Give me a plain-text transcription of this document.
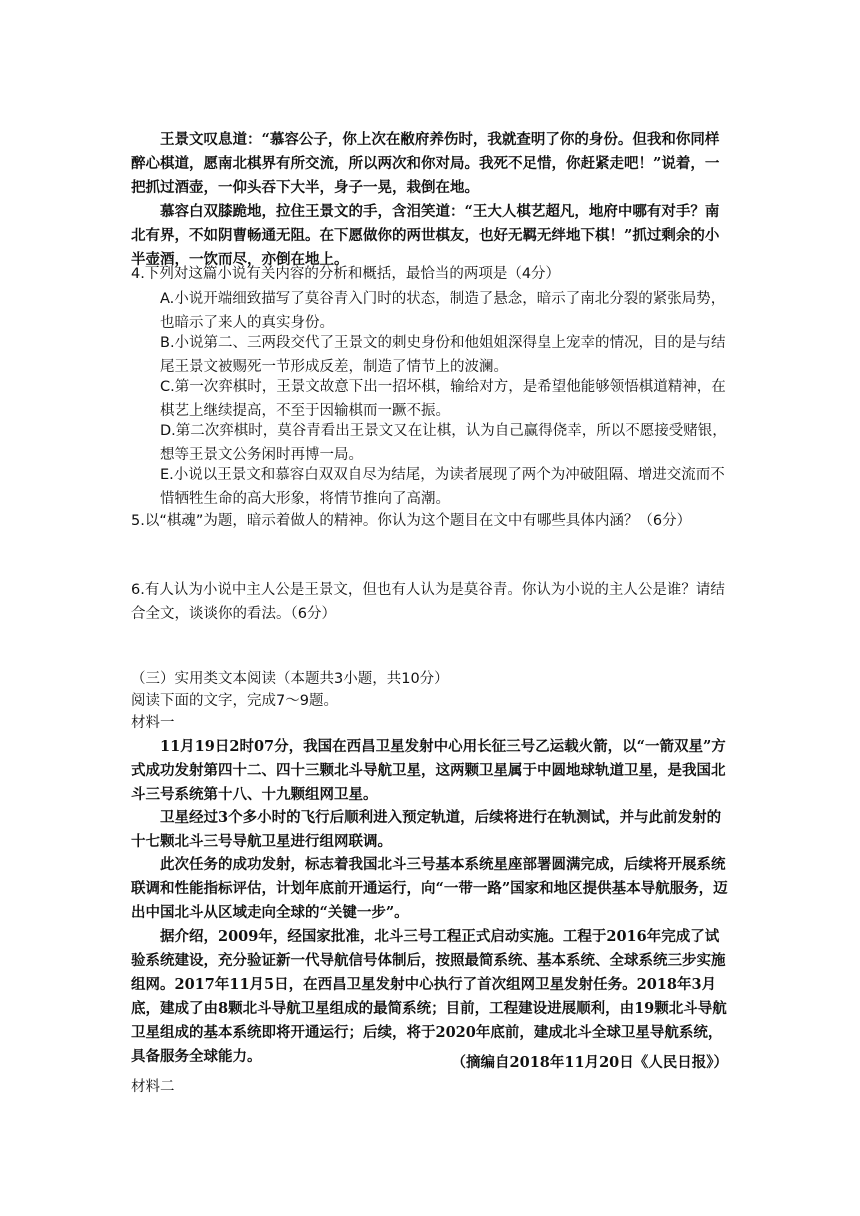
王景文叹息道：“慕容公子，你上次在敝府养伤时，我就查明了你的身份。但我和你同样醉心棋道，愿南北棋界有所交流，所以两次和你对局。我死不足惜，你赶紧走吧！”说着，一把抓过酒壶，一仰头吞下大半，身子一晃，栽倒在地。
慕容白双膝跪地，拉住王景文的手，含泪笑道：“王大人棋艺超凡，地府中哪有对手？南北有界，不如阴曹畅通无阻。在下愿做你的两世棋友，也好无羁无绊地下棋！”抓过剩余的小半壶酒，一饮而尽，亦倒在地上。
4.下列对这篇小说有关内容的分析和概括，最恰当的两项是（4分）
A.小说开端细致描写了莫谷青入门时的状态，制造了悬念，暗示了南北分裂的紧张局势，也暗示了来人的真实身份。
B.小说第二、三两段交代了王景文的刺史身份和他姐姐深得皇上宠幸的情况，目的是与结尾王景文被赐死一节形成反差，制造了情节上的波澜。
C.第一次弈棋时，王景文故意下出一招坏棋，输给对方，是希望他能够领悟棋道精神，在棋艺上继续提高，不至于因输棋而一蹶不振。
D.第二次弈棋时，莫谷青看出王景文又在让棋，认为自己赢得侥幸，所以不愿接受赌银，想等王景文公务闲时再博一局。
E.小说以王景文和慕容白双双自尽为结尾，为读者展现了两个为冲破阻隔、增进交流而不惜牺牲生命的高大形象，将情节推向了高潮。
5.以“棋魂”为题，暗示着做人的精神。你认为这个题目在文中有哪些具体内涵？（6分）
6.有人认为小说中主人公是王景文，但也有人认为是莫谷青。你认为小说的主人公是谁？请结合全文，谈谈你的看法。（6分）
（三）实用类文本阅读（本题共3小题，共10分）
阅读下面的文字，完成7～9题。
材料一
11月19日2时07分，我国在西昌卫星发射中心用长征三号乙运载火箭，以“一箭双星”方式成功发射第四十二、四十三颗北斗导航卫星，这两颗卫星属于中圆地球轨道卫星，是我国北斗三号系统第十八、十九颗组网卫星。
卫星经过3个多小时的飞行后顺利进入预定轨道，后续将进行在轨测试，并与此前发射的十七颗北斗三号导航卫星进行组网联调。
此次任务的成功发射，标志着我国北斗三号基本系统星座部署圆满完成，后续将开展系统联调和性能指标评估，计划年底前开通运行，向“一带一路”国家和地区提供基本导航服务，迈出中国北斗从区域走向全球的“关键一步”。
据介绍，2009年，经国家批准，北斗三号工程正式启动实施。工程于2016年完成了试验系统建设，充分验证新一代导航信号体制后，按照最简系统、基本系统、全球系统三步实施组网。2017年11月5日，在西昌卫星发射中心执行了首次组网卫星发射任务。2018年3月底，建成了由8颗北斗导航卫星组成的最简系统；目前，工程建设进展顺利，由19颗北斗导航卫星组成的基本系统即将开通运行；后续，将于2020年底前，建成北斗全球卫星导航系统，具备服务全球能力。	（摘编自2018年11月20日《人民日报》）
材料二
